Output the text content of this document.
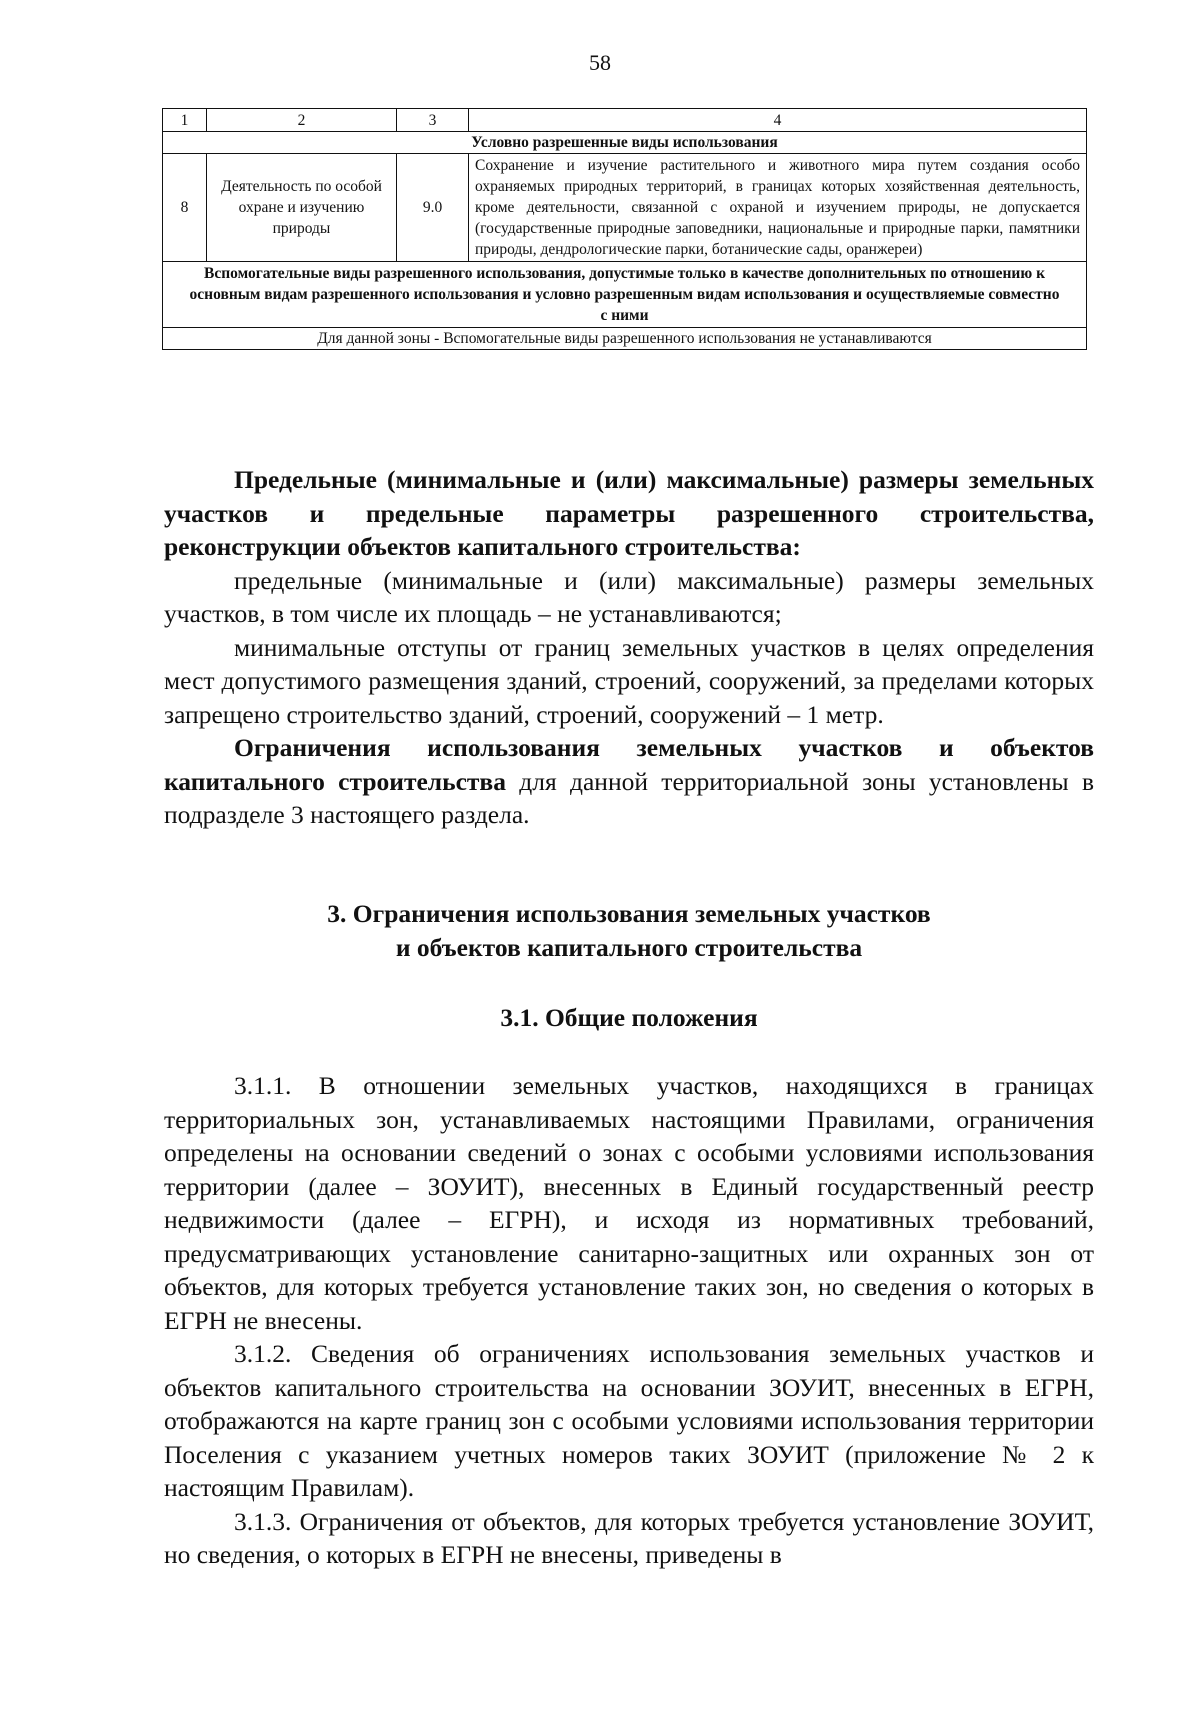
58
1	2	3	4
Условно разрешенные виды использования			
8	Деятельность по особой охране и изучению природы	9.0	Сохранение и изучение растительного и животного мира путем создания особо охраняемых природных территорий, в границах которых хозяйственная деятельность, кроме деятельности, связанной с охраной и изучением природы, не допускается (государственные природные заповедники, национальные и природные парки, памятники природы, дендрологические парки, ботанические сады, оранжереи)
Вспомогательные виды разрешенного использования, допустимые только в качестве дополнительных по отношению к основным видам разрешенного использования и условно разрешенным видам использования и осуществляемые совместно с ними			
Для данной зоны - Вспомогательные виды разрешенного использования не устанавливаются			

Предельные (минимальные и (или) максимальные) размеры земельных участков и предельные параметры разрешенного строительства, реконструкции объектов капитального строительства:

предельные (минимальные и (или) максимальные) размеры земельных участков, в том числе их площадь – не устанавливаются;

минимальные отступы от границ земельных участков в целях определения мест допустимого размещения зданий, строений, сооружений, за пределами которых запрещено строительство зданий, строений, сооружений – 1 метр.

Ограничения использования земельных участков и объектов капитального строительства для данной территориальной зоны установлены в подразделе 3 настоящего раздела.

3. Ограничения использования земельных участков
и объектов капитального строительства
3.1. Общие положения

3.1.1. В отношении земельных участков, находящихся в границах территориальных зон, устанавливаемых настоящими Правилами, ограничения определены на основании сведений о зонах с особыми условиями использования территории (далее – ЗОУИТ), внесенных в Единый государственный реестр недвижимости (далее – ЕГРН), и исходя из нормативных требований, предусматривающих установление санитарно-защитных или охранных зон от объектов, для которых требуется установление таких зон, но сведения о которых в ЕГРН не внесены.

3.1.2. Сведения об ограничениях использования земельных участков и объектов капитального строительства на основании ЗОУИТ, внесенных в ЕГРН, отображаются на карте границ зон с особыми условиями использования территории Поселения с указанием учетных номеров таких ЗОУИТ (приложение № 2 к настоящим Правилам).

3.1.3. Ограничения от объектов, для которых требуется установление ЗОУИТ, но сведения, о которых в ЕГРН не внесены, приведены в
